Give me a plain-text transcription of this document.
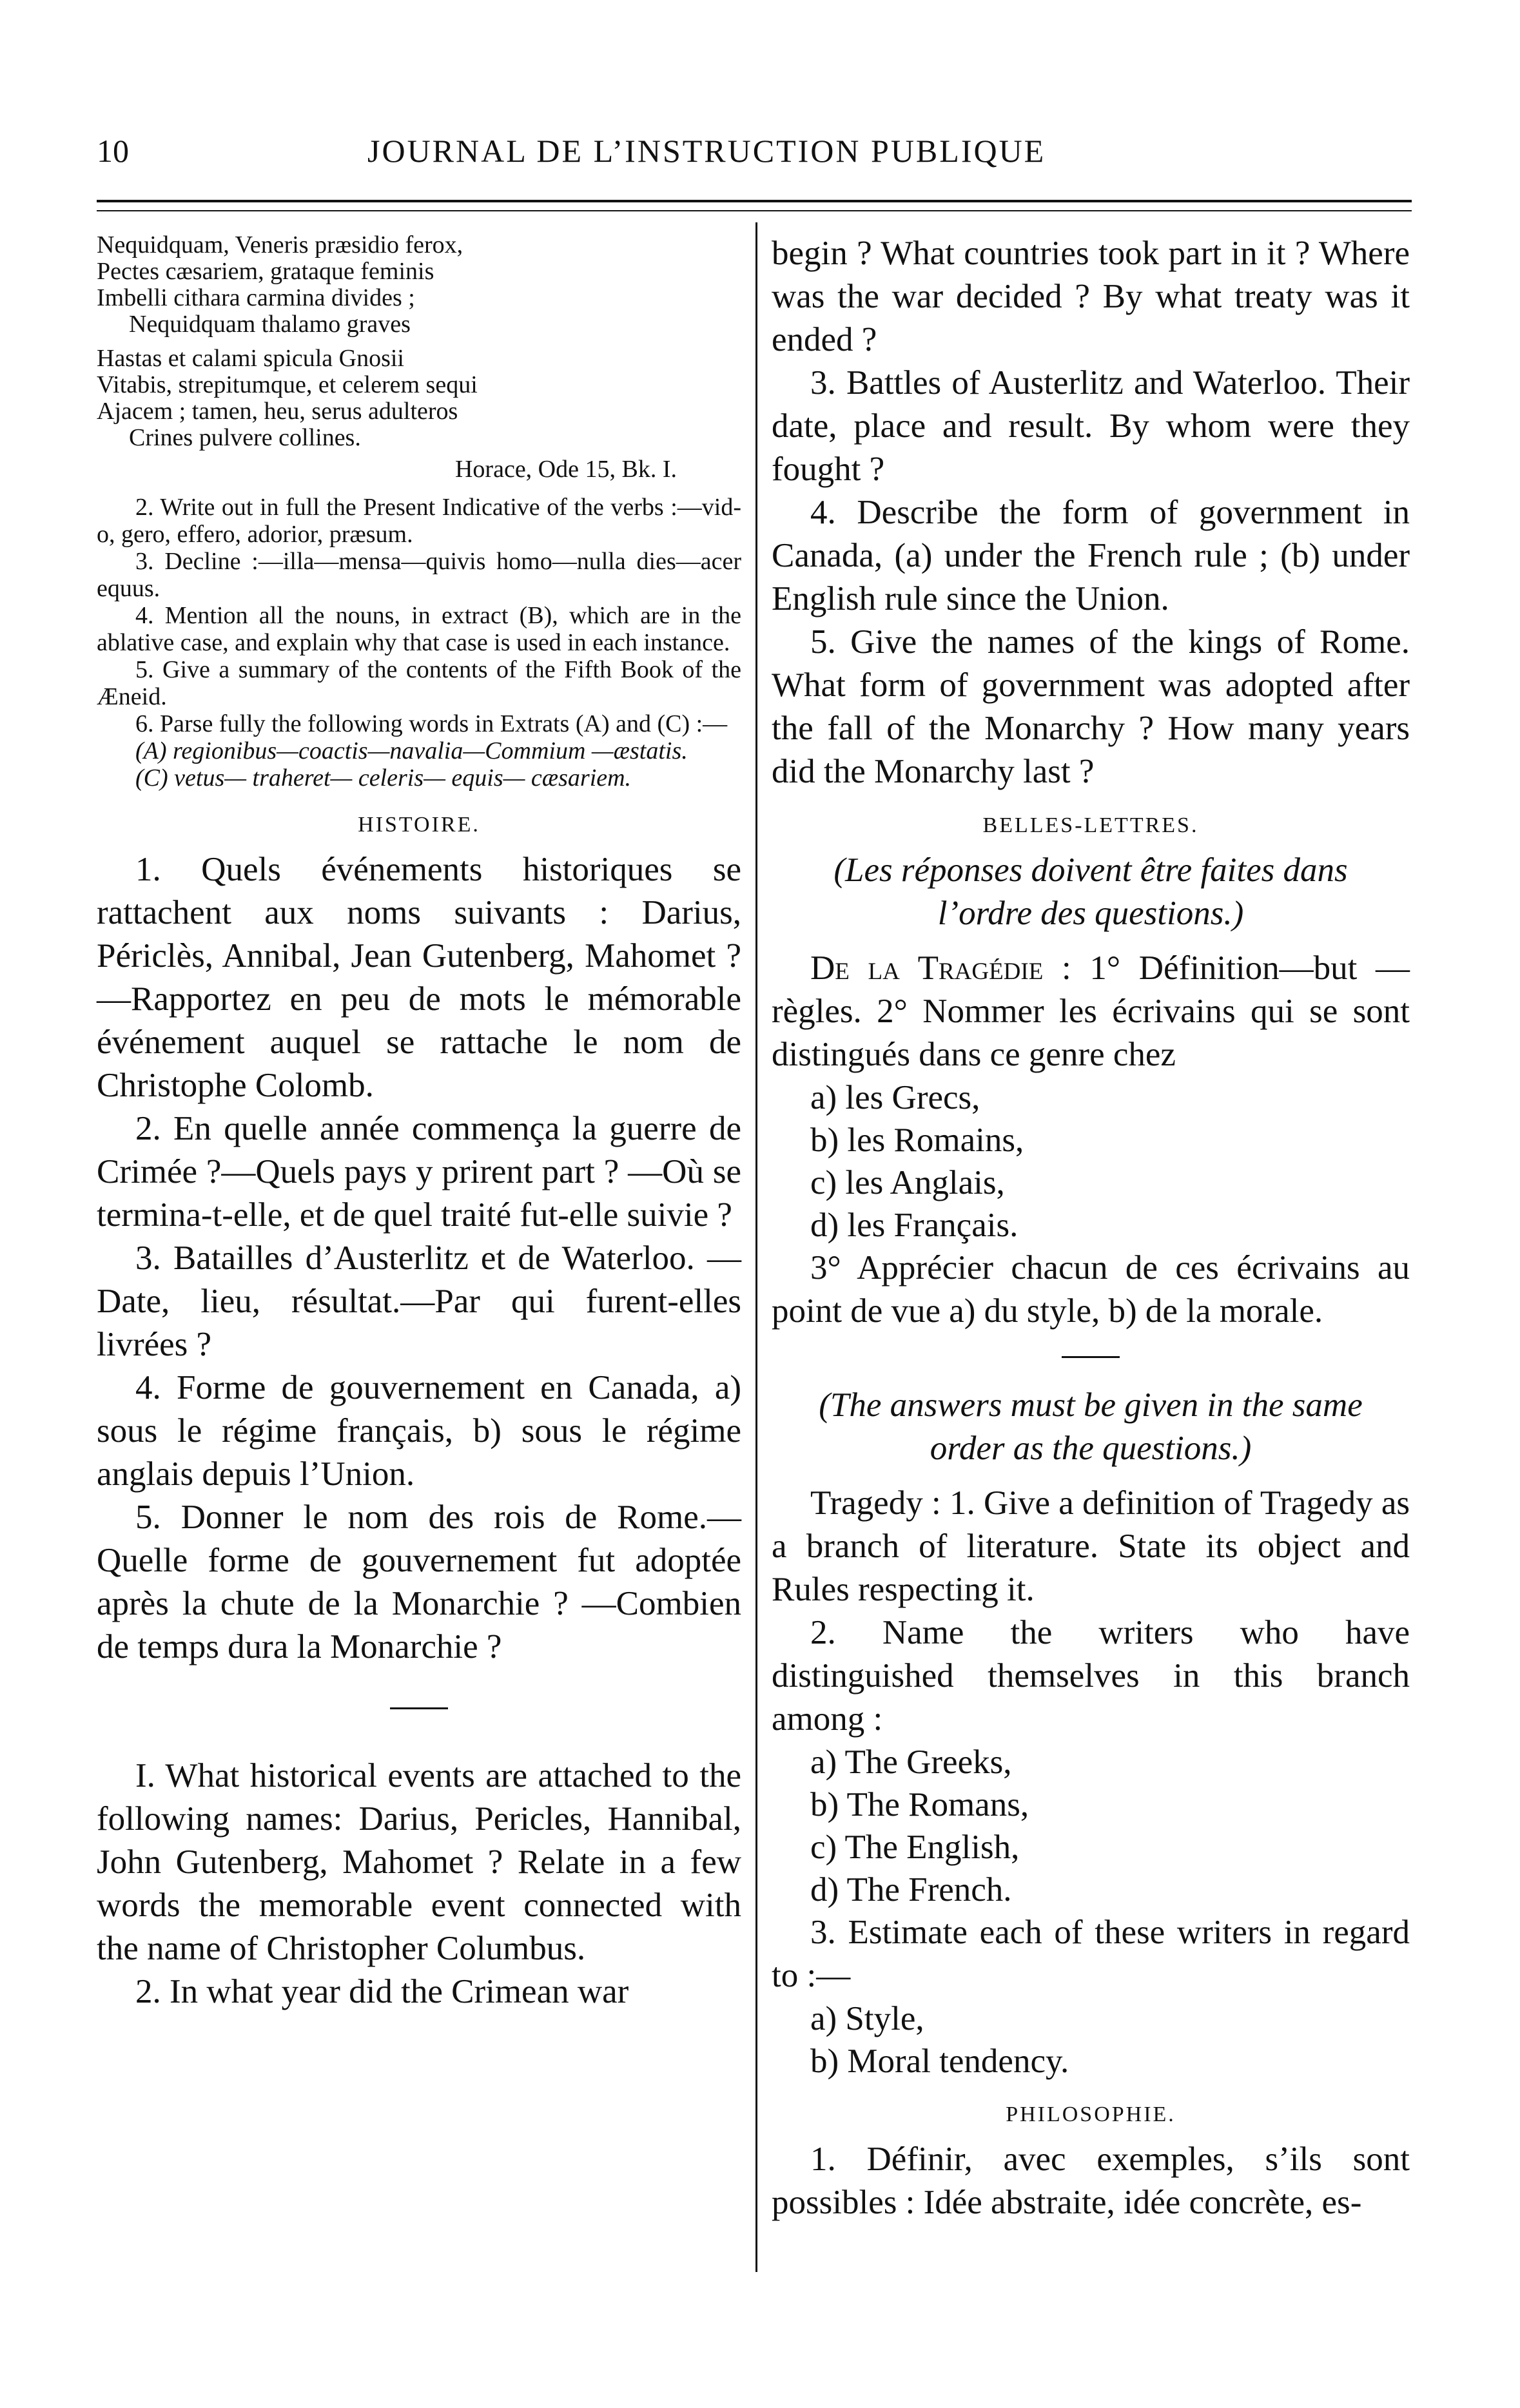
10	JOURNAL DE L’INSTRUCTION PUBLIQUE
Nequidquam, Veneris præsidio ferox,
Pectes cæsariem, grataque feminis
Imbelli cithara carmina divides ;
Nequidquam thalamo graves
Hastas et calami spicula Gnosii
Vitabis, strepitumque, et celerem sequi
Ajacem ; tamen, heu, serus adulteros
Crines pulvere collines.
Horace, Ode 15, Bk. I.

2. Write out in full the Present Indicative of the verbs :—vid-o, gero, effero, adorior, præsum.

3. Decline :—illa—mensa—quivis homo—nulla dies—acer equus.

4. Mention all the nouns, in extract (B), which are in the ablative case, and explain why that case is used in each instance.

5. Give a summary of the contents of the Fifth Book of the Æneid.

6. Parse fully the following words in Extrats (A) and (C) :—

(A) regionibus—coactis—navalia—Commium —æstatis.

(C) vetus— traheret— celeris— equis— cæsariem.

HISTOIRE.

1. Quels événements historiques se rattachent aux noms suivants : Darius, Périclès, Annibal, Jean Gutenberg, Mahomet ?—Rapportez en peu de mots le mémorable événement auquel se rattache le nom de Christophe Colomb.

2. En quelle année commença la guerre de Crimée ?—Quels pays y prirent part ? —Où se termina-t-elle, et de quel traité fut-elle suivie ?

3. Batailles d’Austerlitz et de Waterloo. —Date, lieu, résultat.—Par qui furent-elles livrées ?

4. Forme de gouvernement en Canada, a) sous le régime français, b) sous le régime anglais depuis l’Union.

5. Donner le nom des rois de Rome.— Quelle forme de gouvernement fut adoptée après la chute de la Monarchie ? —Combien de temps dura la Monarchie ?

I. What historical events are attached to the following names: Darius, Pericles, Hannibal, John Gutenberg, Mahomet ? Relate in a few words the memorable event connected with the name of Christopher Columbus.

2. In what year did the Crimean war

begin ? What countries took part in it ? Where was the war decided ? By what treaty was it ended ?

3. Battles of Austerlitz and Waterloo. Their date, place and result. By whom were they fought ?

4. Describe the form of government in Canada, (a) under the French rule ; (b) under English rule since the Union.

5. Give the names of the kings of Rome. What form of government was adopted after the fall of the Monarchy ? How many years did the Monarchy last ?

BELLES-LETTRES.

(Les réponses doivent être faites dans l’ordre des questions.)

De la Tragédie : 1° Définition—but —règles. 2° Nommer les écrivains qui se sont distingués dans ce genre chez

a) les Grecs,
b) les Romains,
c) les Anglais,
d) les Français.

3° Apprécier chacun de ces écrivains au point de vue a) du style, b) de la morale.

(The answers must be given in the same order as the questions.)

Tragedy : 1. Give a definition of Tragedy as a branch of literature. State its object and Rules respecting it.

2. Name the writers who have distinguished themselves in this branch among :

a) The Greeks,
b) The Romans,
c) The English,
d) The French.

3. Estimate each of these writers in regard to :—

a) Style,
b) Moral tendency.
PHILOSOPHIE.

1. Définir, avec exemples, s’ils sont possibles : Idée abstraite, idée concrète, es-
